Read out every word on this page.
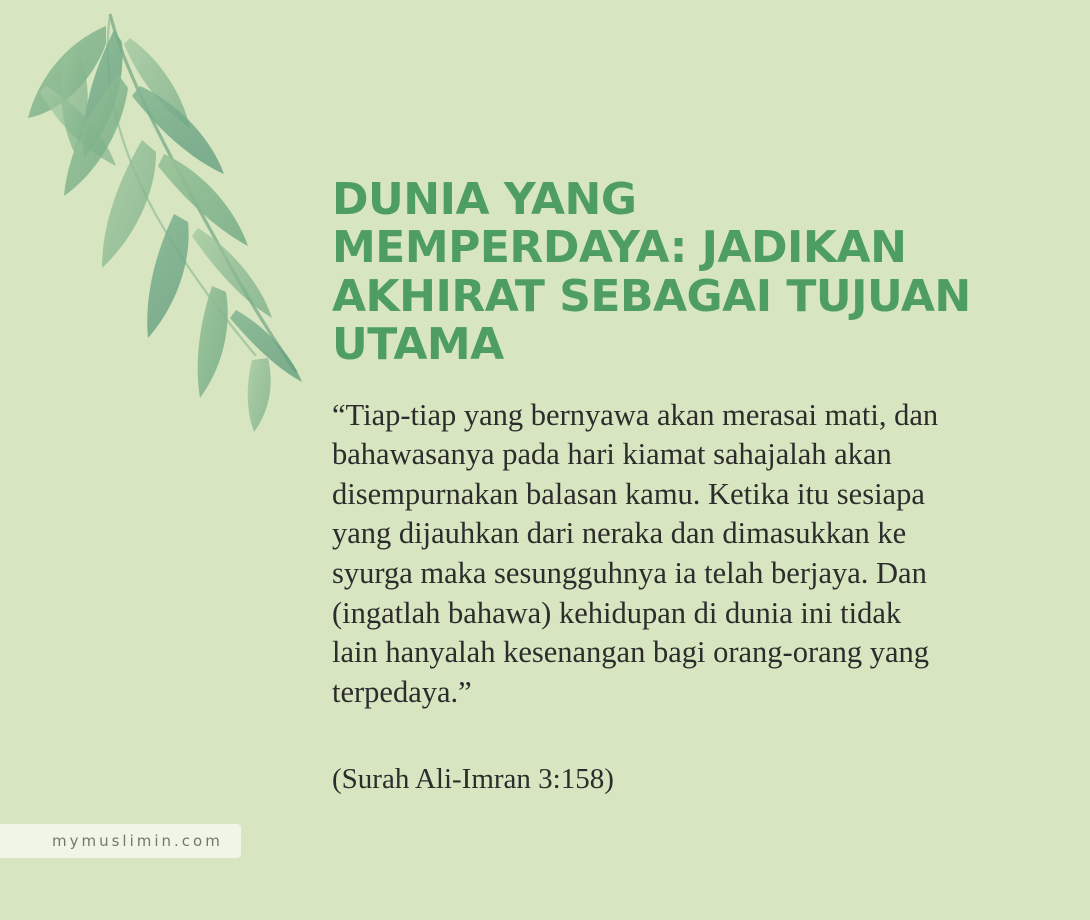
DUNIA YANG MEMPERDAYA: JADIKAN AKHIRAT SEBAGAI TUJUAN UTAMA

“Tiap-tiap yang bernyawa akan merasai mati, dan bahawasanya pada hari kiamat sahajalah akan disempurnakan balasan kamu. Ketika itu sesiapa yang dijauhkan dari neraka dan dimasukkan ke syurga maka sesungguhnya ia telah berjaya. Dan (ingatlah bahawa) kehidupan di dunia ini tidak lain hanyalah kesenangan bagi orang-orang yang terpedaya.”

(Surah Ali-Imran 3:158)

mymuslimin.com
